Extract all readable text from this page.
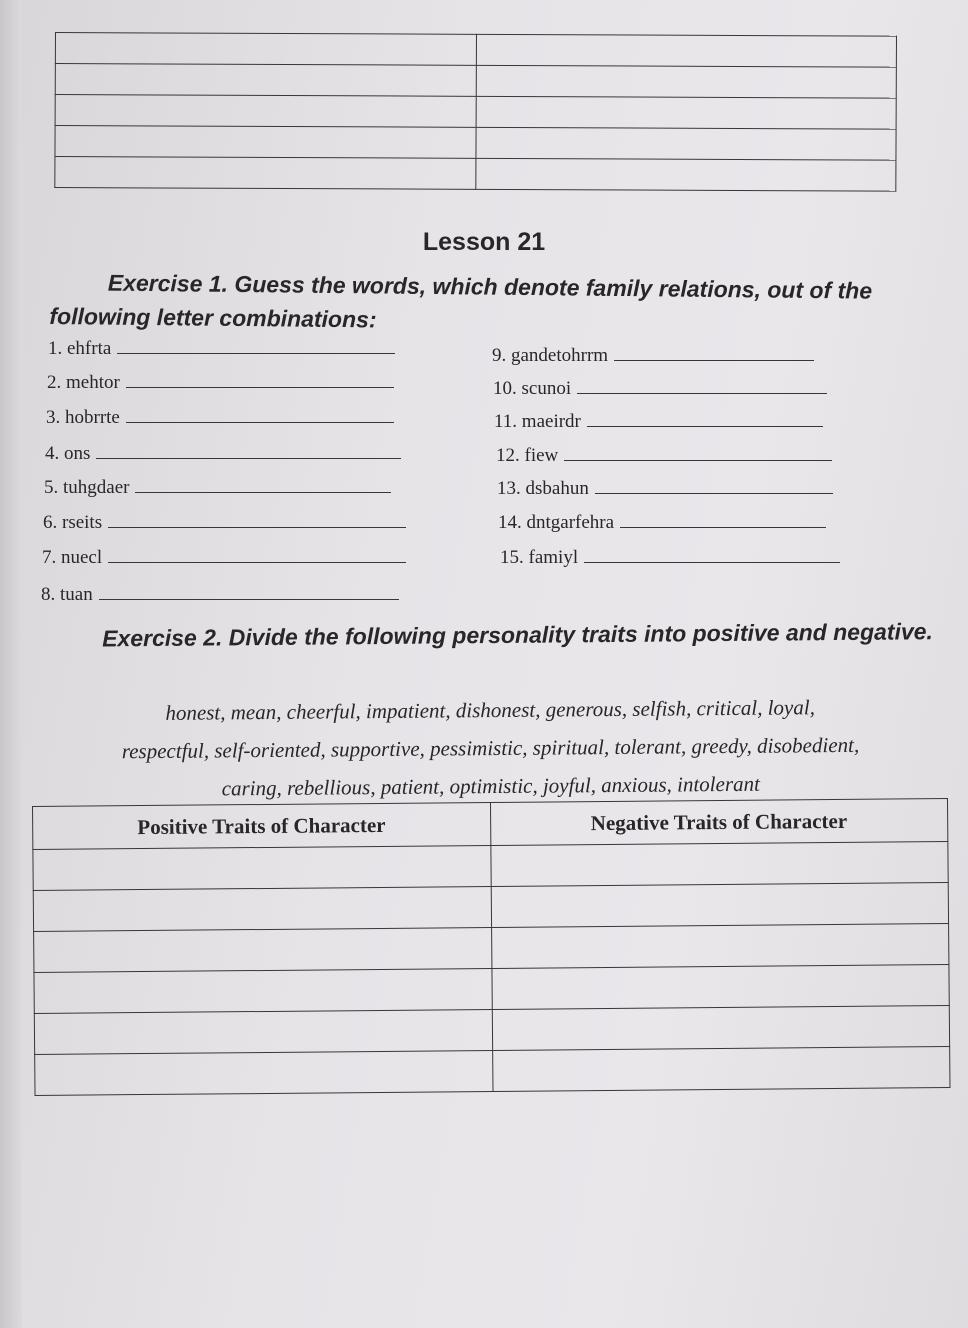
Lesson 21

Exercise 1. Guess the words, which denote family relations, out of the following letter combinations:

1. ehfrta
2. mehtor
3. hobrrte
4. ons
5. tuhgdaer
6. rseits
7. nuecl
8. tuan
9. gandetohrrm
10. scunoi
11. maeirdr
12. fiew
13. dsbahun
14. dntgarfehra
15. famiyl

Exercise 2. Divide the following personality traits into positive and negative.

honest, mean, cheerful, impatient, dishonest, generous, selfish, critical, loyal,
respectful, self-oriented, supportive, pessimistic, spiritual, tolerant, greedy, disobedient,
caring, rebellious, patient, optimistic, joyful, anxious, intolerant
Positive Traits of Character	Negative Traits of Character
